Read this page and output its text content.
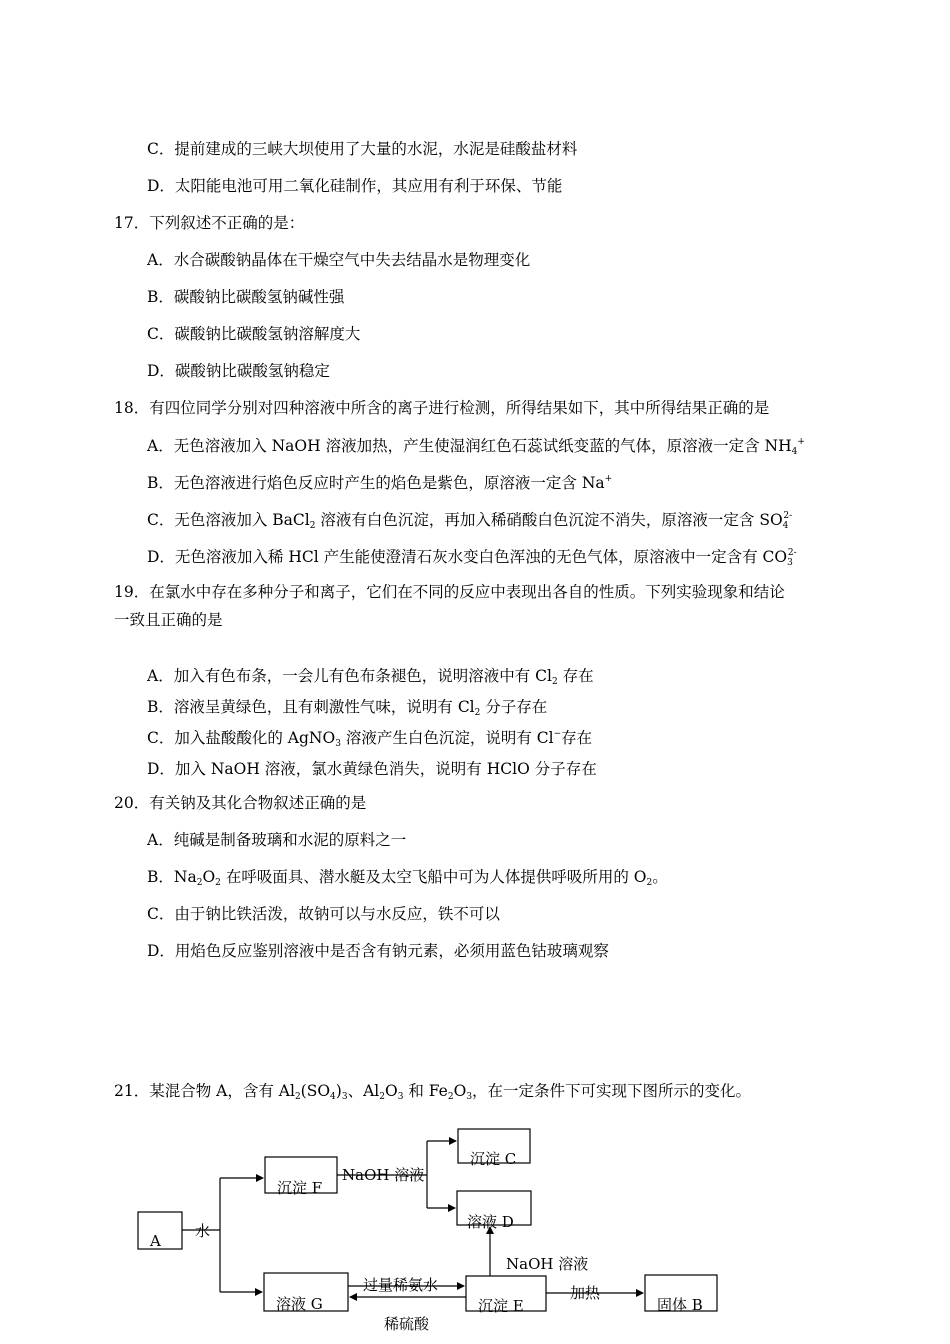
C．提前建成的三峡大坝使用了大量的水泥，水泥是硅酸盐材料
D．太阳能电池可用二氧化硅制作，其应用有利于环保、节能
17．下列叙述不正确的是：
A．水合碳酸钠晶体在干燥空气中失去结晶水是物理变化
B．碳酸钠比碳酸氢钠碱性强
C．碳酸钠比碳酸氢钠溶解度大
D．碳酸钠比碳酸氢钠稳定
18．有四位同学分别对四种溶液中所含的离子进行检测，所得结果如下，其中所得结果正确的是
A．无色溶液加入 NaOH 溶液加热，产生使湿润红色石蕊试纸变蓝的气体，原溶液一定含 $NH_4^+$
B．无色溶液进行焰色反应时产生的焰色是紫色，原溶液一定含 Na+
C．无色溶液加入 BaCl$_2$ 溶液有白色沉淀，再加入稀硝酸白色沉淀不消失，原溶液一定含 $SO_4^{2-}$
D．无色溶液加入稀 HCl 产生能使澄清石灰水变白色浑浊的无色气体，原溶液中一定含有 $CO_3^{2-}$
19．在氯水中存在多种分子和离子，它们在不同的反应中表现出各自的性质。下列实验现象和结论
一致且正确的是
A．加入有色布条，一会儿有色布条褪色，说明溶液中有 $Cl_2$ 存在
B．溶液呈黄绿色，且有刺激性气味，说明有 $Cl_2$ 分子存在
C．加入盐酸酸化的 AgNO$_3$ 溶液产生白色沉淀，说明有 Cl−存在
D．加入 NaOH 溶液，氯水黄绿色消失，说明有 HClO 分子存在
20．有关钠及其化合物叙述正确的是
A．纯碱是制备玻璃和水泥的原料之一
B．$Na_2O_2$ 在呼吸面具、潜水艇及太空飞船中可为人体提供呼吸所用的 $O_2$。
C．由于钠比铁活泼，故钠可以与水反应，铁不可以
D．用焰色反应鉴别溶液中是否含有钠元素，必须用蓝色钴玻璃观察
21．某混合物 A，含有 $Al_2(SO_4)_3$、$Al_2O_3$ 和 $Fe_2O_3$，在一定条件下可实现下图所示的变化。
A
沉淀 F
沉淀 C
溶液 D
溶液 G	沉淀 E	固体 B
水
NaOH 溶液
NaOH 溶液
过量稀氨水
稀硫酸
加热
